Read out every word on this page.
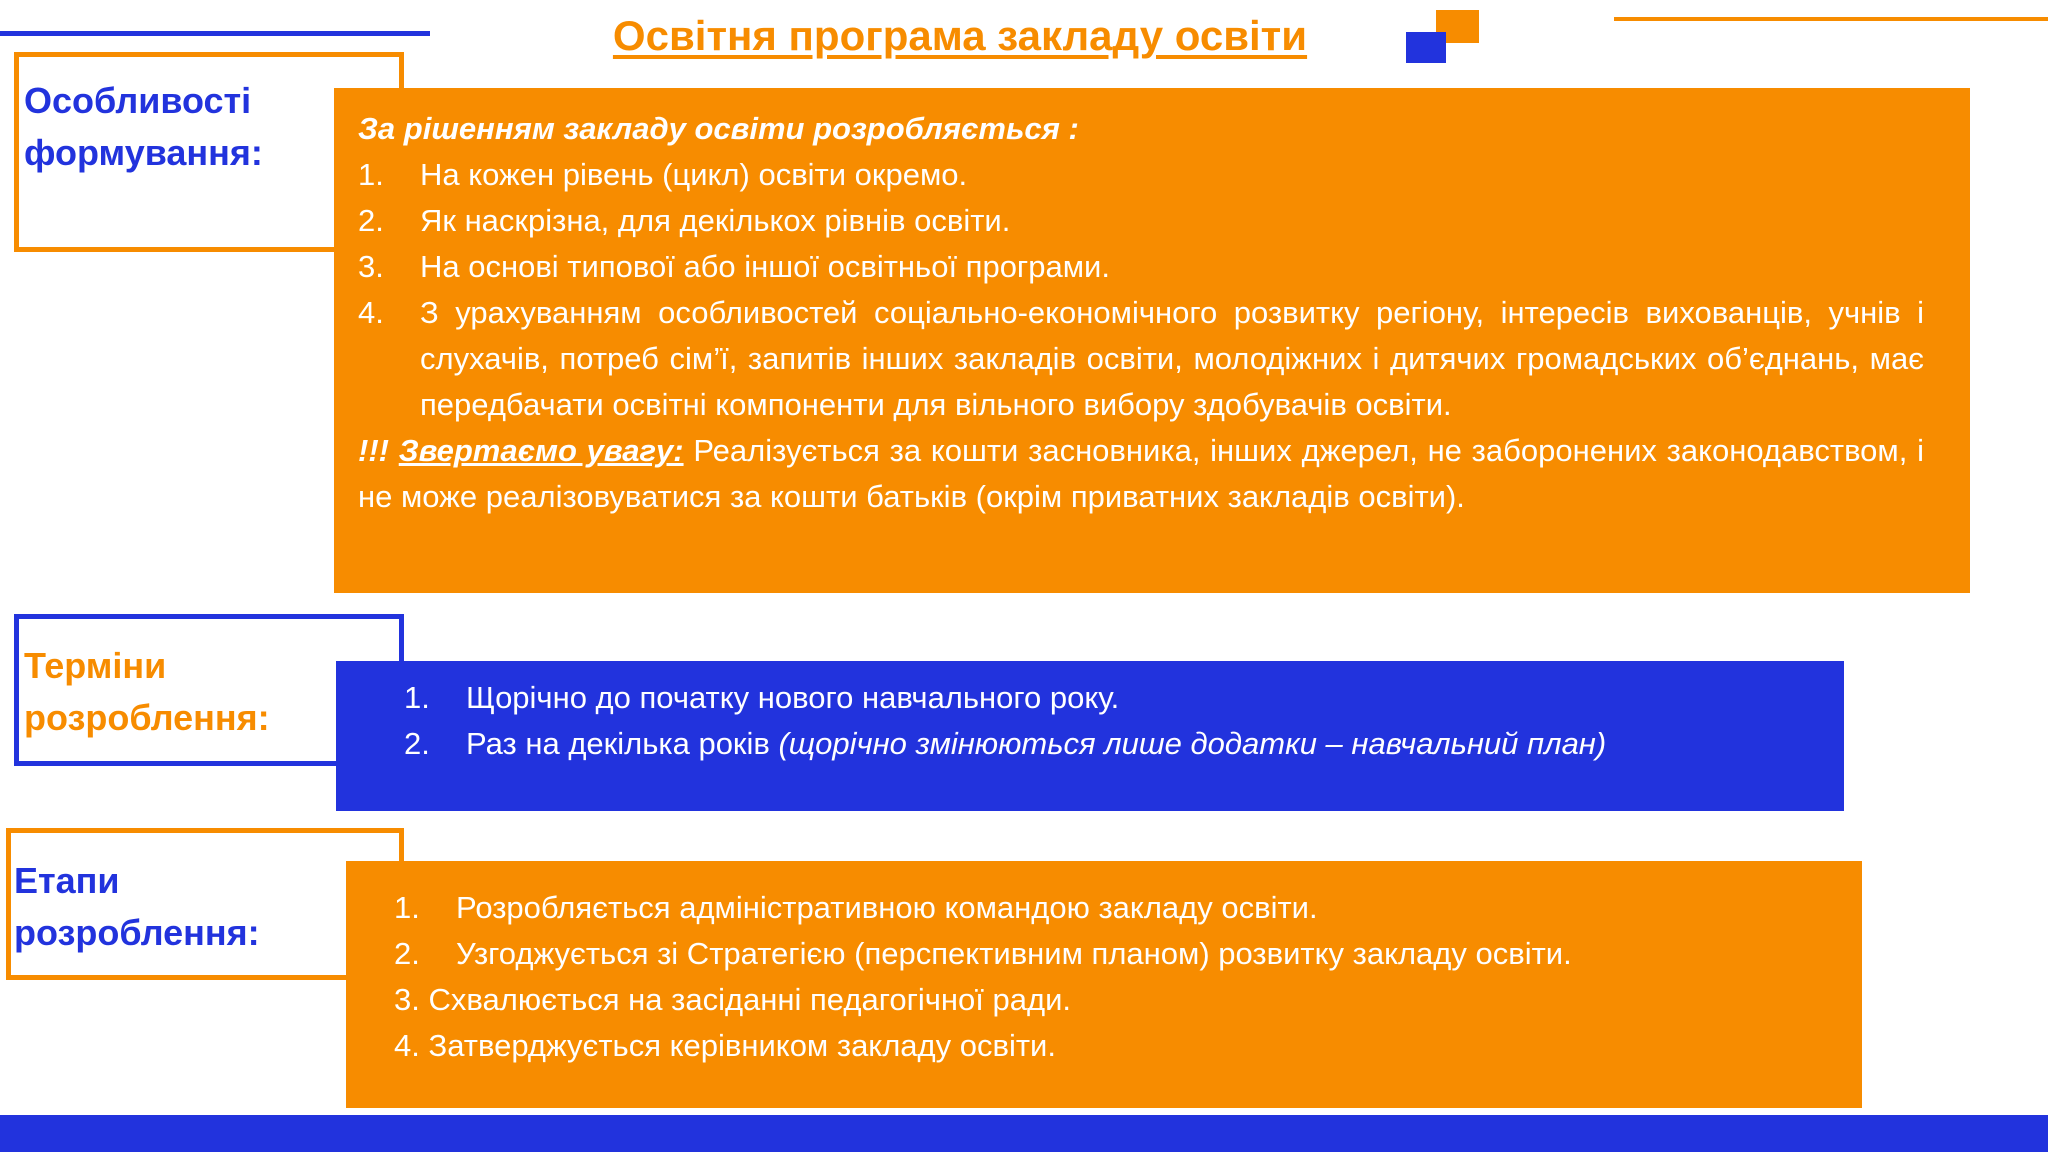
Освітня програма закладу освіти
Особливості
формування:
За рішенням закладу освіти розробляється :
1.	На кожен рівень (цикл) освіти окремо.
2.	Як наскрізна, для декількох рівнів освіти.
3.	На основі типової або іншої освітньої програми.
4.	З урахуванням особливостей соціально-економічного розвитку регіону, інтересів вихованців, учнів і слухачів, потреб сім’ї, запитів інших закладів освіти, молодіжних і дитячих громадських об’єднань, має передбачати освітні компоненти для вільного вибору здобувачів освіти.
!!! Звертаємо увагу: Реалізується за кошти засновника, інших джерел, не заборонених законодавством, і не може реалізовуватися за кошти батьків (окрім приватних закладів освіти).
Терміни
розроблення:	1.	Щорічно до початку нового навчального року.
2.	Раз на декілька років (щорічно змінюються лише додатки – навчальний план)
Етапи
розроблення:
1.	Розробляється адміністративною командою закладу освіти.
2.	Узгоджується зі Стратегією (перспективним планом) розвитку закладу освіти.
3. Схвалюється на засіданні педагогічної ради.
4. Затверджується керівником закладу освіти.
